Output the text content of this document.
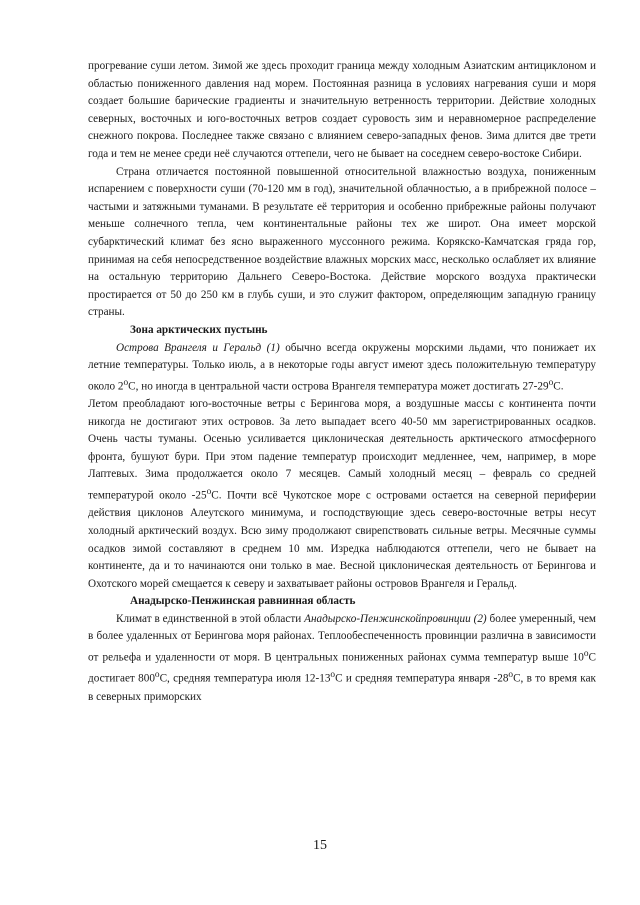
прогревание суши летом. Зимой же здесь проходит граница между холодным Азиатским антициклоном и областью пониженного давления над морем. Постоянная разница в условиях нагревания суши и моря создает большие барические градиенты и значительную ветренность территории. Действие холодных северных, восточных и юго-восточных ветров создает суровость зим и неравномерное распределение снежного покрова. Последнее также связано с влиянием северо-западных фенов. Зима длится две трети года и тем не менее среди неё случаются оттепели, чего не бывает на соседнем северо-востоке Сибири.

Страна отличается постоянной повышенной относительной влажностью воздуха, пониженным испарением с поверхности суши (70-120 мм в год), значительной облачностью, а в прибрежной полосе – частыми и затяжными туманами. В результате её территория и особенно прибрежные районы получают меньше солнечного тепла, чем континентальные районы тех же широт. Она имеет морской субарктический климат без ясно выраженного муссонного режима. Корякско-Камчатская гряда гор, принимая на себя непосредственное воздействие влажных морских масс, несколько ослабляет их влияние на остальную территорию Дальнего Северо-Востока. Действие морского воздуха практически простирается от 50 до 250 км в глубь суши, и это служит фактором, определяющим западную границу страны.

Зона арктических пустынь

Острова Врангеля и Геральд (1) обычно всегда окружены морскими льдами, что понижает их летние температуры. Только июль, а в некоторые годы август имеют здесь положительную температуру около $2^оС$, но иногда в центральной части острова Врангеля температура может достигать $27-29^оС$.

Летом преобладают юго-восточные ветры с Берингова моря, а воздушные массы с континента почти никогда не достигают этих островов. За лето выпадает всего 40-50 мм зарегистрированных осадков. Очень часты туманы. Осенью усиливается циклоническая деятельность арктического атмосферного фронта, бушуют бури. При этом падение температур происходит медленнее, чем, например, в море Лаптевых. Зима продолжается около 7 месяцев. Самый холодный месяц – февраль со средней температурой около $-25^оС$. Почти всё Чукотское море с островами остается на северной периферии действия циклонов Алеутского минимума, и господствующие здесь северо-восточные ветры несут холодный арктический воздух. Всю зиму продолжают свирепствовать сильные ветры. Месячные суммы осадков зимой составляют в среднем 10 мм. Изредка наблюдаются оттепели, чего не бывает на континенте, да и то начинаются они только в мае. Весной циклоническая деятельность от Берингова и Охотского морей смещается к северу и захватывает районы островов Врангеля и Геральд.

Анадырско-Пенжинская равнинная область

Климат в единственной в этой области Анадырско-Пенжинскойпровинции (2) более умеренный, чем в более удаленных от Берингова моря районах. Теплообеспеченность провинции различна в зависимости от рельефа и удаленности от моря. В центральных пониженных районах сумма температур выше $10^оС$ достигает $800^оС$, средняя температура июля $12-13^оС$ и средняя температура января $-28^оС$, в то время как в северных приморских

15
